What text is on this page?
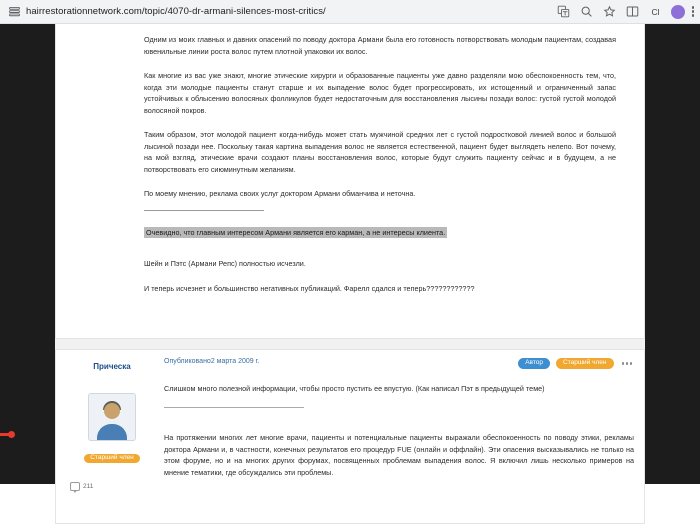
hairrestorationnetwork.com/topic/4070-dr-armani-silences-most-critics/	Cl

Одним из моих главных и давних опасений по поводу доктора Армани была его готовность потворствовать молодым пациентам, создавая ювенильные линии роста волос путем плотной упаковки их волос.

Как многие из вас уже знают, многие этические хирурги и образованные пациенты уже давно разделяли мою обеспокоенность тем, что, когда эти молодые пациенты станут старше и их выпадение волос будет прогрессировать, их истощенный и ограниченный запас устойчивых к облысению волосяных фолликулов будет недостаточным для восстановления лысины позади волос: густой густой молодой волосяной покров.

Таким образом, этот молодой пациент когда-нибудь может стать мужчиной средних лет с густой подростковой линией волос и большой лысиной позади нее. Поскольку такая картина выпадения волос не является естественной, пациент будет выглядеть нелепо. Вот почему, на мой взгляд, этические врачи создают планы восстановления волос, которые будут служить пациенту сейчас и в будущем, а не потворствовать его сиюминутным желаниям.

По моему мнению, реклама своих услуг доктором Армани обманчива и неточна.

Очевидно, что главным интересом Армани является его карман, а не интересы клиента.

Шейн и Пэтс (Армани Репс) полностью исчезли.

И теперь исчезнет и большинство негативных публикаций. Фарелл сдался и теперь????????????

Прическа
Старший член
211
Опубликовано2 марта 2009 г.	Автор	Старший член

Слишком много полезной информации, чтобы просто пустить ее впустую. (Как написал Пэт в предыдущей теме)

На протяжении многих лет многие врачи, пациенты и потенциальные пациенты выражали обеспокоенность по поводу этики, рекламы доктора Армани и, в частности, конечных результатов его процедур FUE (онлайн и оффлайн). Эти опасения высказывались не только на этом форуме, но и на многих других форумах, посвященных проблемам выпадения волос. Я включил лишь несколько примеров на мнение тематики, где обсуждались эти проблемы.
